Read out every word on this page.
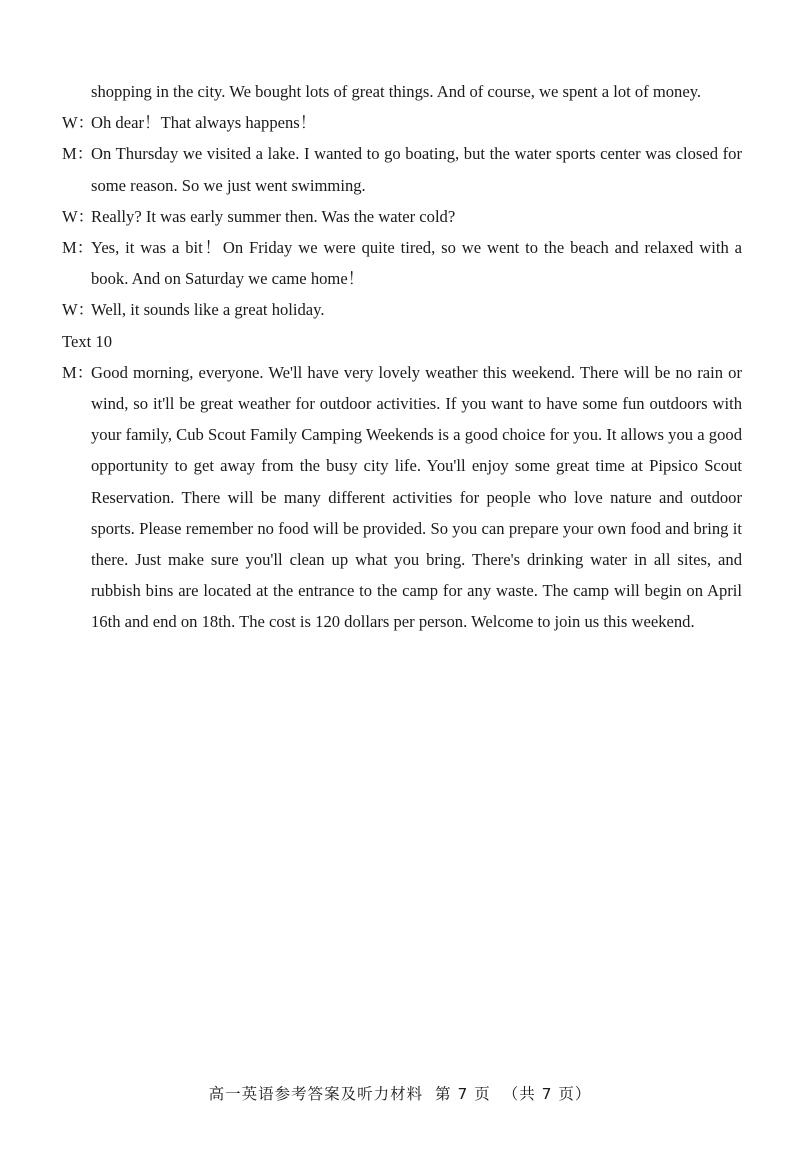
shopping in the city. We bought lots of great things. And of course, we spent a lot of money.
W：
Oh dear！That always happens！
M：
On Thursday we visited a lake. I wanted to go boating, but the water sports center was closed for some reason. So we just went swimming.
W：
Really? It was early summer then. Was the water cold?
M：
Yes, it was a bit！On Friday we were quite tired, so we went to the beach and relaxed with a book. And on Saturday we came home！
W：
Well, it sounds like a great holiday.
Text 10
M：
Good morning, everyone. We'll have very lovely weather this weekend. There will be no rain or wind, so it'll be great weather for outdoor activities. If you want to have some fun outdoors with your family, Cub Scout Family Camping Weekends is a good choice for you. It allows you a good opportunity to get away from the busy city life. You'll enjoy some great time at Pipsico Scout Reservation. There will be many different activities for people who love nature and outdoor sports. Please remember no food will be provided. So you can prepare your own food and bring it there. Just make sure you'll clean up what you bring. There's drinking water in all sites, and rubbish bins are located at the entrance to the camp for any waste. The camp will begin on April 16th and end on 18th. The cost is 120 dollars per person. Welcome to join us this weekend.
高一英语参考答案及听力材料 第 7 页 （共 7 页）
